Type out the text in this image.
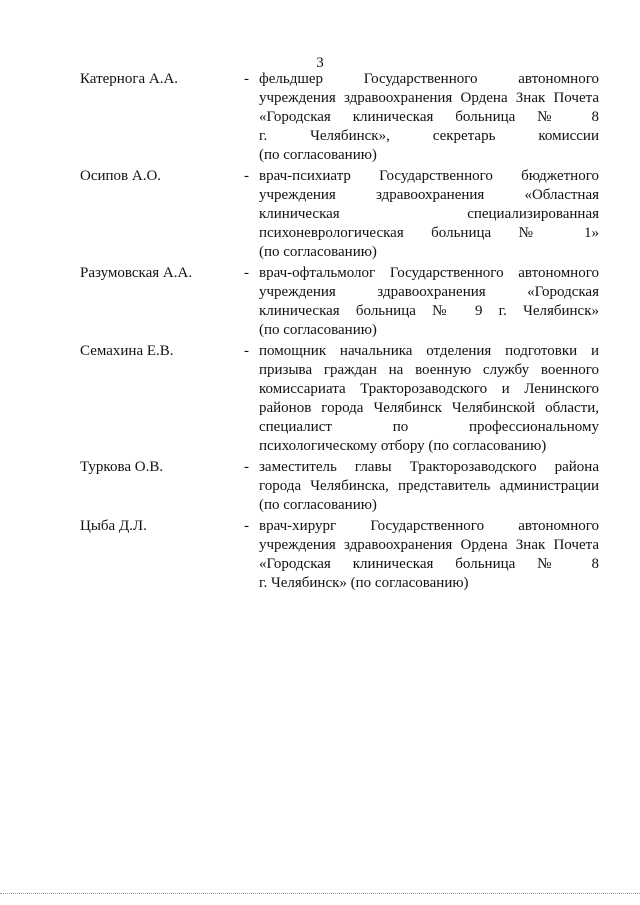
3
Катернога А.А.	- фельдшер Государственного автономного
учреждения здравоохранения Ордена Знак Почета
«Городская клиническая больница № 8
г. Челябинск», секретарь комиссии
(по согласованию)
Осипов А.О.	- врач-психиатр Государственного бюджетного
учреждения здравоохранения «Областная
клиническая специализированная
психоневрологическая больница № 1»
(по согласованию)
Разумовская А.А.	- врач-офтальмолог Государственного автономного
учреждения здравоохранения «Городская
клиническая больница № 9 г. Челябинск»
(по согласованию)
Семахина Е.В.	- помощник начальника отделения подготовки и
призыва граждан на военную службу военного
комиссариата Тракторозаводского и Ленинского
районов города Челябинск Челябинской области,
специалист по профессиональному
психологическому отбору (по согласованию)
Туркова О.В.	- заместитель главы Тракторозаводского района
города Челябинска, представитель администрации
(по согласованию)
Цыба Д.Л.	- врач-хирург Государственного автономного
учреждения здравоохранения Ордена Знак Почета
«Городская клиническая больница № 8
г. Челябинск» (по согласованию)
